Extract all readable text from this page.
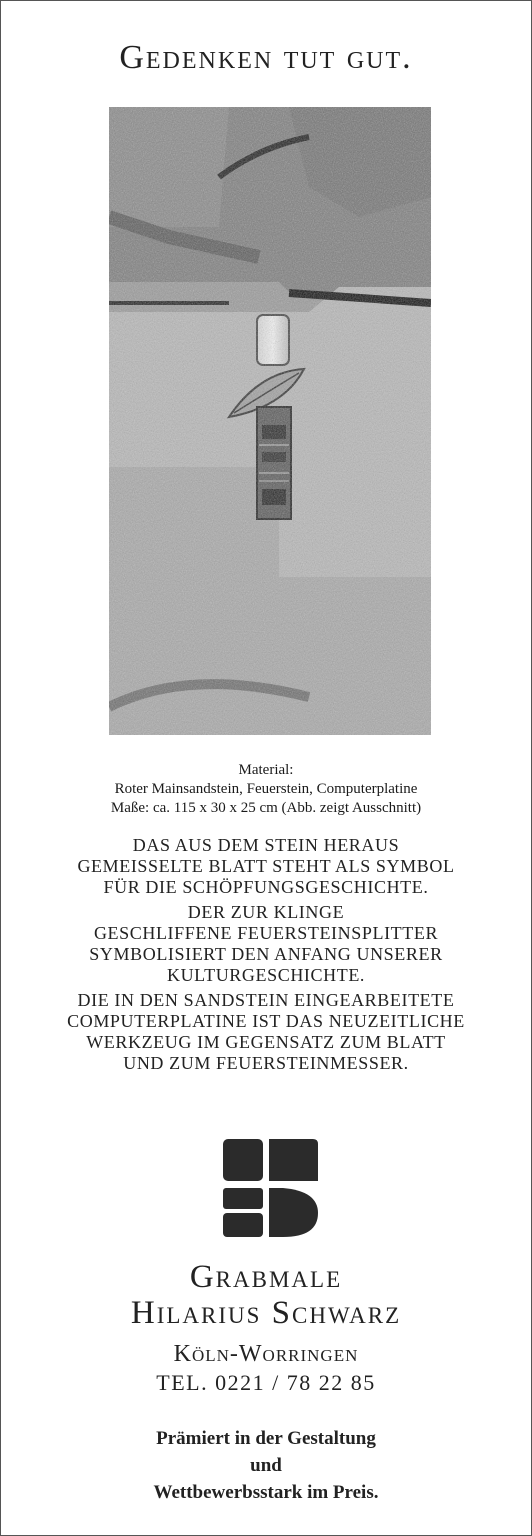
Gedenken tut gut.
Material:
Roter Mainsandstein, Feuerstein, Computerplatine
Maße: ca. 115 x 30 x 25 cm (Abb. zeigt Ausschnitt)

DAS AUS DEM STEIN HERAUS
GEMEISSELTE BLATT STEHT ALS SYMBOL
FÜR DIE SCHÖPFUNGSGESCHICHTE.

DER ZUR KLINGE
GESCHLIFFENE FEUERSTEINSPLITTER
SYMBOLISIERT DEN ANFANG UNSERER
KULTURGESCHICHTE.

DIE IN DEN SANDSTEIN EINGEARBEITETE
COMPUTERPLATINE IST DAS NEUZEITLICHE
WERKZEUG IM GEGENSATZ ZUM BLATT
UND ZUM FEUERSTEINMESSER.

Grabmale
Hilarius Schwarz
Köln-Worringen
TEL. 0221 / 78 22 85
Prämiert in der Gestaltung
und
Wettbewerbsstark im Preis.
